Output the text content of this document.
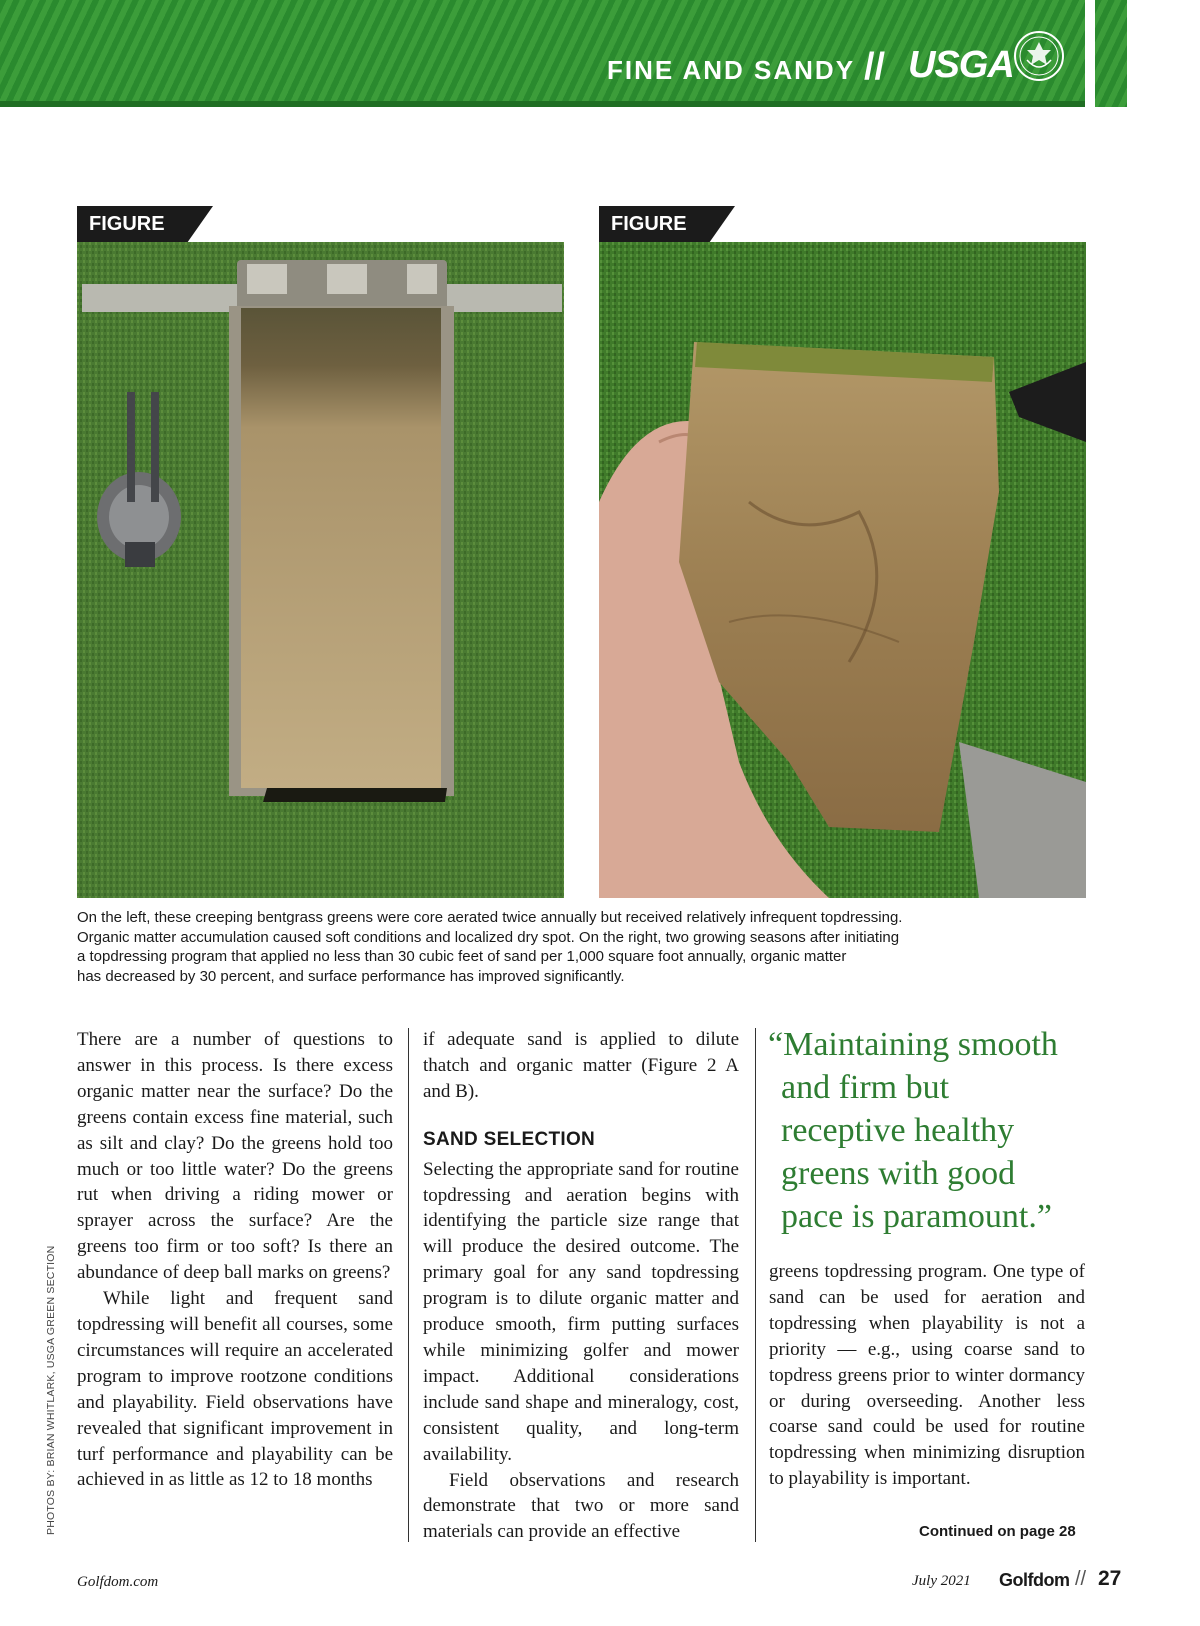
FINE AND SANDY // USGA
FIGURE	FIGURE

On the left, these creeping bentgrass greens were core aerated twice annually but received relatively infrequent topdressing.

Organic matter accumulation caused soft conditions and localized dry spot. On the right, two growing seasons after initiating

a topdressing program that applied no less than 30 cubic feet of sand per 1,000 square foot annually, organic matter

has decreased by 30 percent, and surface performance has improved significantly.

PHOTOS BY: BRIAN WHITLARK, USGA GREEN SECTION

There are a number of questions to answer in this process. Is there excess organic matter near the surface? Do the greens contain excess fine material, such as silt and clay? Do the greens hold too much or too little water? Do the greens rut when driving a riding mower or sprayer across the surface? Are the greens too firm or too soft? Is there an abundance of deep ball marks on greens?

While light and frequent sand topdressing will benefit all courses, some circumstances will require an accelerated program to improve rootzone conditions and playability. Field observations have revealed that significant improvement in turf performance and playability can be achieved in as little as 12 to 18 months

if adequate sand is applied to dilute thatch and organic matter (Figure 2 A and B).

SAND SELECTION

Selecting the appropriate sand for routine topdressing and aeration begins with identifying the particle size range that will produce the desired outcome. The primary goal for any sand topdressing program is to dilute organic matter and produce smooth, firm putting surfaces while minimizing golfer and mower impact. Additional considerations include sand shape and mineralogy, cost, consistent quality, and long-term availability.

Field observations and research demonstrate that two or more sand materials can provide an effective

“Maintaining smooth
and firm but
receptive healthy
greens with good
pace is paramount.”

greens topdressing program. One type of sand can be used for aeration and topdressing when playability is not a priority — e.g., using coarse sand to topdress greens prior to winter dormancy or during overseeding. Another less coarse sand could be used for routine topdressing when minimizing disruption to playability is important.

Continued on page 28
Golfdom.com	July 2021 Golfdom // 27
